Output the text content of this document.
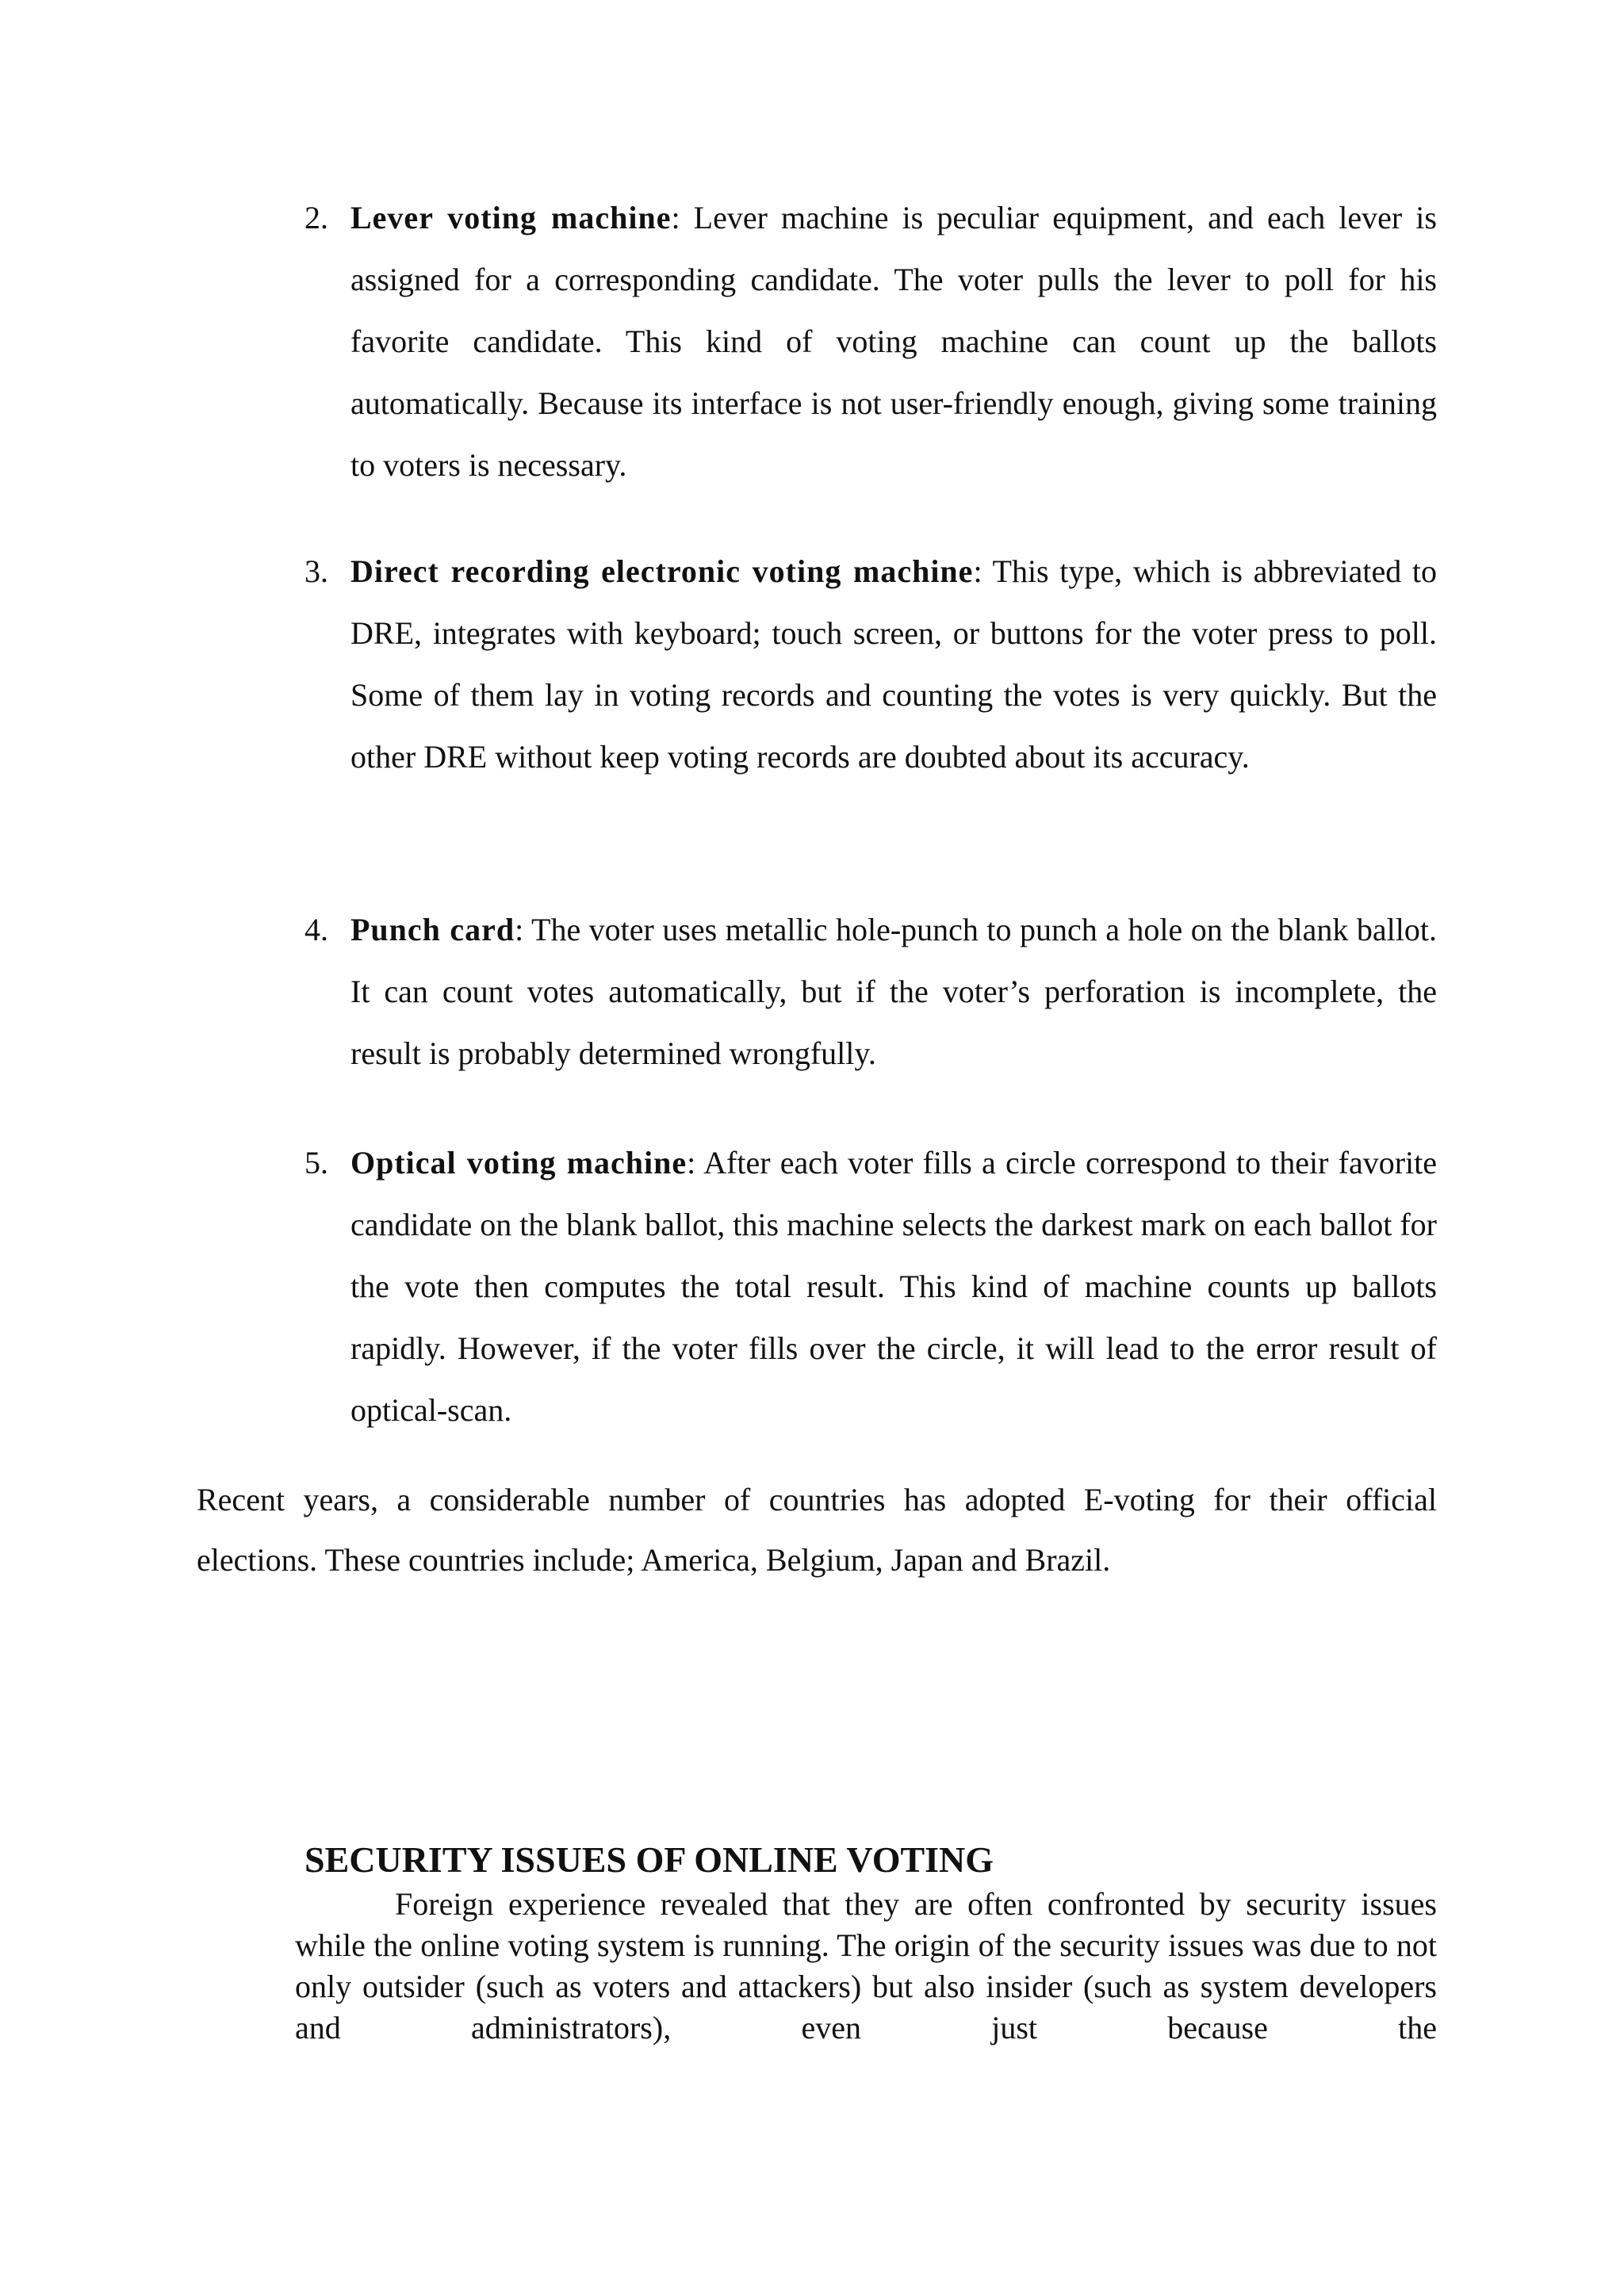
2. Lever voting machine: Lever machine is peculiar equipment, and each lever is assigned for a corresponding candidate. The voter pulls the lever to poll for his favorite candidate. This kind of voting machine can count up the ballots automatically. Because its interface is not user-friendly enough, giving some training to voters is necessary.
3. Direct recording electronic voting machine: This type, which is abbreviated to DRE, integrates with keyboard; touch screen, or buttons for the voter press to poll. Some of them lay in voting records and counting the votes is very quickly. But the other DRE without keep voting records are doubted about its accuracy.
4. Punch card: The voter uses metallic hole-punch to punch a hole on the blank ballot. It can count votes automatically, but if the voter’s perforation is incomplete, the result is probably determined wrongfully.
5. Optical voting machine: After each voter fills a circle correspond to their favorite candidate on the blank ballot, this machine selects the darkest mark on each ballot for the vote then computes the total result. This kind of machine counts up ballots rapidly. However, if the voter fills over the circle, it will lead to the error result of optical-scan.

Recent years, a considerable number of countries has adopted E-voting for their official elections. These countries include; America, Belgium, Japan and Brazil.

SECURITY ISSUES OF ONLINE VOTING

Foreign experience revealed that they are often confronted by security issues while the online voting system is running. The origin of the security issues was due to not only outsider (such as voters and attackers) but also insider (such as system developers and administrators), even just because the
